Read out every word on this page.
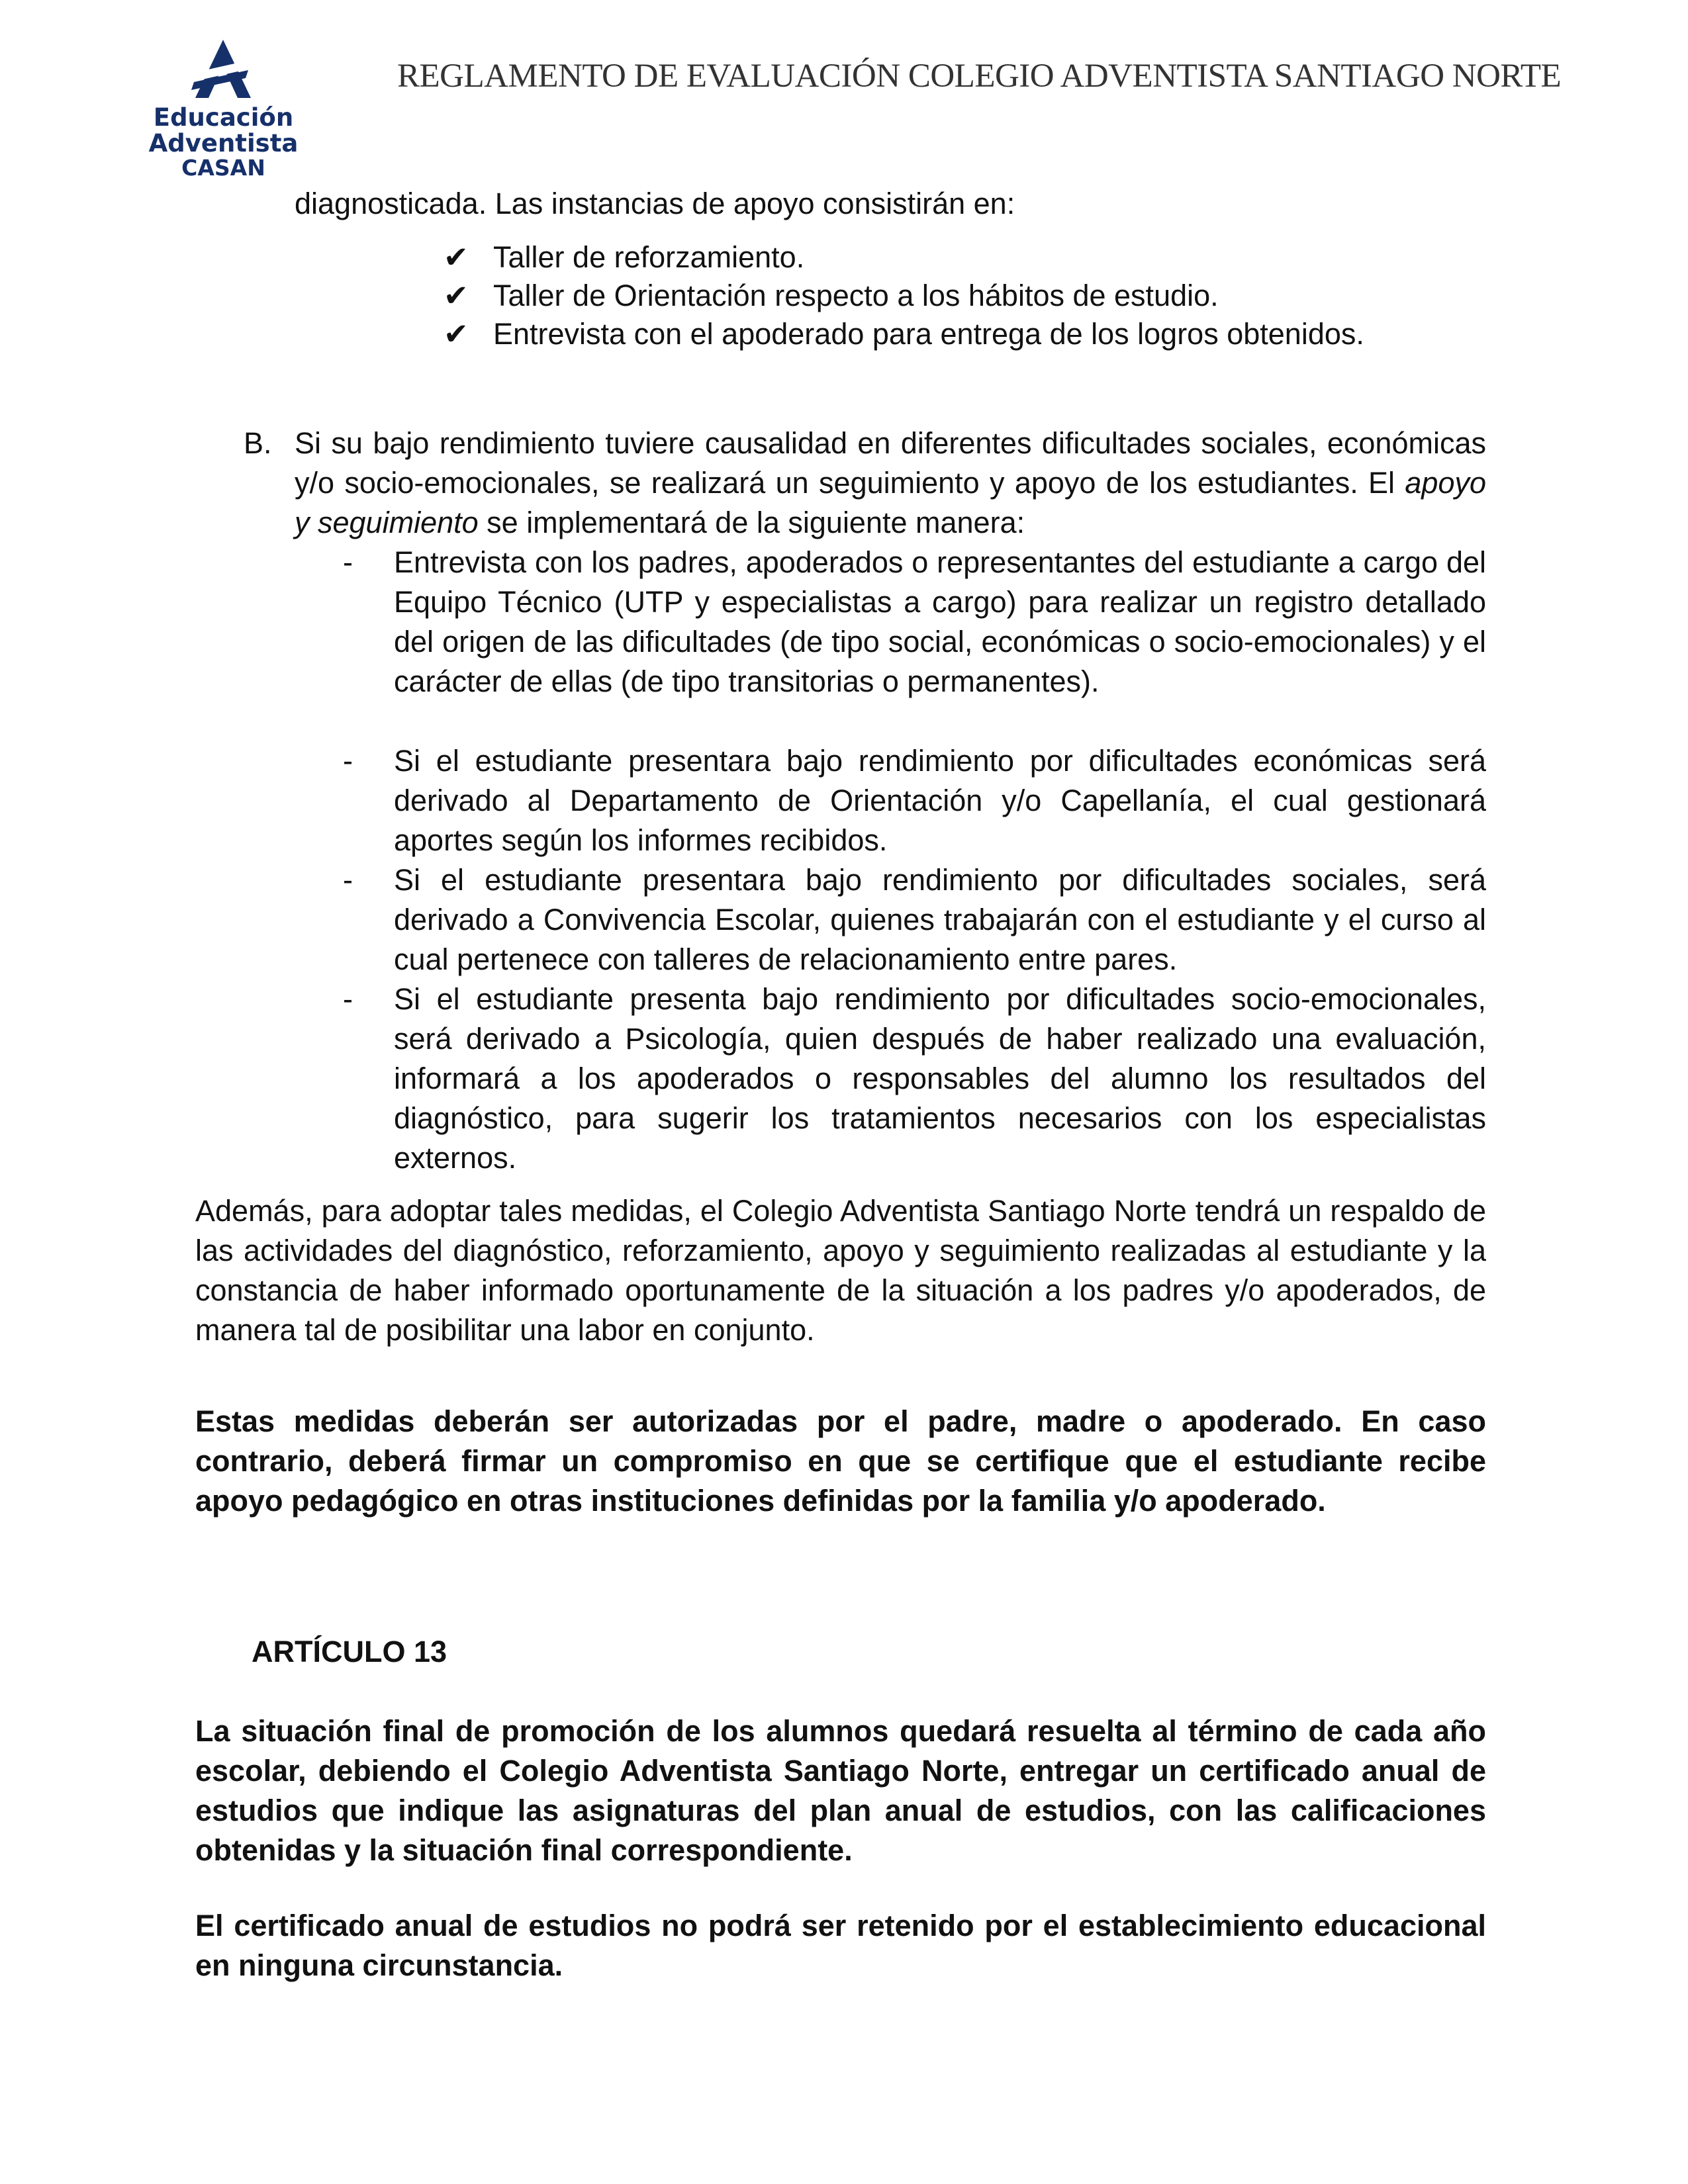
Educación
Adventista
CASAN
REGLAMENTO DE EVALUACIÓN COLEGIO ADVENTISTA SANTIAGO NORTE
diagnosticada. Las instancias de apoyo consistirán en:
✔ Taller de reforzamiento.
✔ Taller de Orientación respecto a los hábitos de estudio.
✔ Entrevista con el apoderado para entrega de los logros obtenidos.
B. Si su bajo rendimiento tuviere causalidad en diferentes dificultades sociales, económicas y/o socio-emocionales, se realizará un seguimiento y apoyo de los estudiantes. El apoyo y seguimiento se implementará de la siguiente manera:
- Entrevista con los padres, apoderados o representantes del estudiante a cargo del Equipo Técnico (UTP y especialistas a cargo) para realizar un registro detallado del origen de las dificultades (de tipo social, económicas o socio-emocionales) y el carácter de ellas (de tipo transitorias o permanentes).
- Si el estudiante presentara bajo rendimiento por dificultades económicas será derivado al Departamento de Orientación y/o Capellanía, el cual gestionará aportes según los informes recibidos.
- Si el estudiante presentara bajo rendimiento por dificultades sociales, será derivado a Convivencia Escolar, quienes trabajarán con el estudiante y el curso al cual pertenece con talleres de relacionamiento entre pares.
- Si el estudiante presenta bajo rendimiento por dificultades socio-emocionales, será derivado a Psicología, quien después de haber realizado una evaluación, informará a los apoderados o responsables del alumno los resultados del diagnóstico, para sugerir los tratamientos necesarios con los especialistas externos.
Además, para adoptar tales medidas, el Colegio Adventista Santiago Norte tendrá un respaldo de las actividades del diagnóstico, reforzamiento, apoyo y seguimiento realizadas al estudiante y la constancia de haber informado oportunamente de la situación a los padres y/o apoderados, de manera tal de posibilitar una labor en conjunto.
Estas medidas deberán ser autorizadas por el padre, madre o apoderado. En caso contrario, deberá firmar un compromiso en que se certifique que el estudiante recibe apoyo pedagógico en otras instituciones definidas por la familia y/o apoderado.
ARTÍCULO 13
La situación final de promoción de los alumnos quedará resuelta al término de cada año escolar, debiendo el Colegio Adventista Santiago Norte, entregar un certificado anual de estudios que indique las asignaturas del plan anual de estudios, con las calificaciones obtenidas y la situación final correspondiente.
El certificado anual de estudios no podrá ser retenido por el establecimiento educacional en ninguna circunstancia.
